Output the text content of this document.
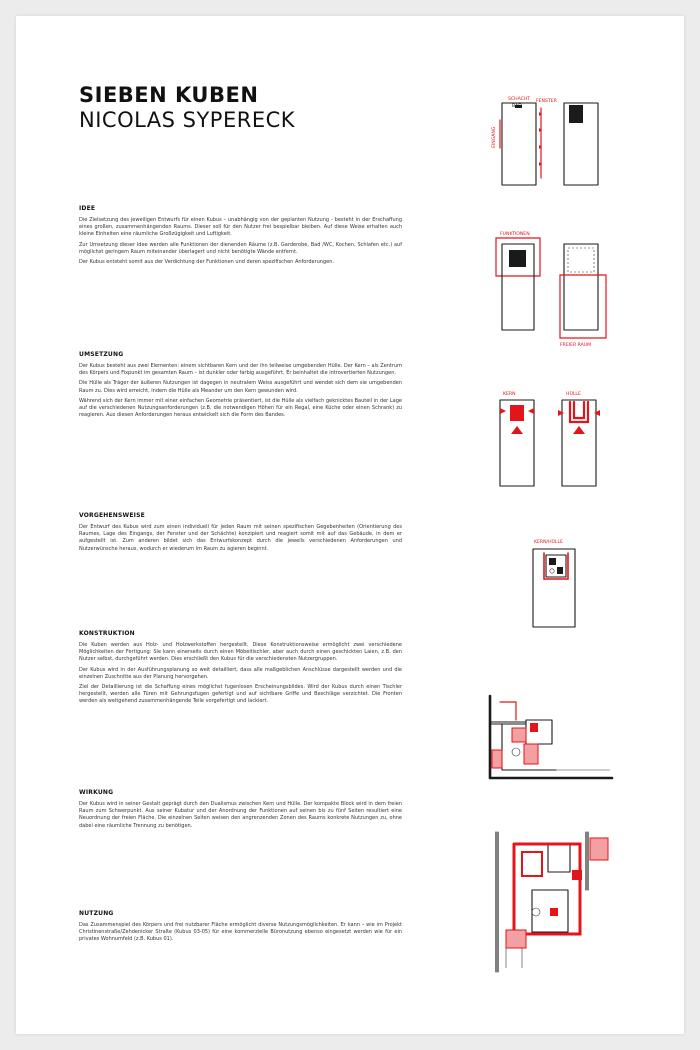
SIEBEN KUBEN
NICOLAS SYPERECK
IDEE

Die Zielsetzung des jeweiligen Entwurfs für einen Kubus – unabhängig von der geplanten Nutzung - besteht in der Erschaffung eines großen, zusammenhängenden Raums. Dieser soll für den Nutzer frei bespielbar bleiben. Auf diese Weise erhalten auch kleine Einheiten eine räumliche Großzügigkeit und Luftigkeit.

Zur Umsetzung dieser Idee werden alle Funktionen der dienenden Räume (z.B. Garderobe, Bad /WC, Kochen, Schlafen etc.) auf möglichst geringem Raum miteinander überlagert und nicht benötigte Wände entfernt.

Der Kubus entsteht somit aus der Verdichtung der Funktionen und deren spezifischen Anforderungen.

UMSETZUNG

Der Kubus besteht aus zwei Elementen: einem sichtbaren Kern und der ihn teilweise umgebenden Hülle. Der Kern – als Zentrum des Körpers und Fixpunkt im gesamten Raum – ist dunkler oder farbig ausgeführt. Er beinhaltet die introvertierten Nutzungen.

Die Hülle als Träger der äußeren Nutzungen ist dagegen in neutralem Weiss ausgeführt und wendet sich dem sie umgebenden Raum zu. Dies wird erreicht, indem die Hülle als Meander um den Kern gewunden wird.

Während sich der Kern immer mit einer einfachen Geometrie präsentiert, ist die Hülle als vielfach geknicktes Bauteil in der Lage auf die verschiedenen Nutzungsanforderungen (z.B. die notwendigen Höhen für ein Regal, eine Küche oder einen Schrank) zu reagieren. Aus diesen Anforderungen heraus entwickelt sich die Form des Bandes.

VORGEHENSWEISE

Der Entwurf des Kubus wird zum einen individuell für jeden Raum mit seinen spezifischen Gegebenheiten (Orientierung des Raumes, Lage des Eingangs, der Fenster und der Schächte) konzipiert und reagiert somit mit auf das Gebäude, in dem er aufgestellt ist. Zum anderen bildet sich das Entwurfskonzept durch die jeweils verschiedenen Anforderungen und Nutzerwünsche heraus, wodurch er wiederum im Raum zu agieren beginnt.

KONSTRUKTION

Die Kuben werden aus Holz- und Holzwerkstoffen hergestellt. Diese Konstruktionsweise ermöglicht zwei verschiedene Möglichkeiten der Fertigung: Sie kann einerseits durch einen Möbeltischler, aber auch durch einen geschickten Laien, z.B. den Nutzer selbst, durchgeführt werden. Dies erschließt den Kubus für die verschiedensten Nutzergruppen.

Der Kubus wird in der Ausführungsplanung so weit detailliert, dass alle maßgeblichen Anschlüsse dargestellt werden und die einzelnen Zuschnitte aus der Planung hervorgehen.

Ziel der Detaillierung ist die Schaffung eines möglichst fugenlosen Erscheinungsbildes. Wird der Kubus durch einen Tischler hergestellt, werden alle Türen mit Gehrungsfugen gefertigt und auf sichtbare Griffe und Beschläge verzichtet. Die Fronten werden als weitgehend zusammenhängende Teile vorgefertigt und lackiert.

WIRKUNG

Der Kubus wird in seiner Gestalt geprägt durch den Dualismus zwischen Kern und Hülle. Der kompakte Block wird in dem freien Raum zum Schwerpunkt. Aus seiner Kubatur und der Anordnung der Funktionen auf seinen bis zu fünf Seiten resultiert eine Neuordnung der freien Fläche. Die einzelnen Seiten weisen den angrenzenden Zonen des Raums konkrete Nutzungen zu, ohne dabei eine räumliche Trennung zu benötigen.

NUTZUNG

Das Zusammenspiel des Körpers und frei nutzbarer Fläche ermöglicht diverse Nutzungsmöglichkeiten. Er kann – wie im Projekt Christinenstraße/Zehdenicker Straße (Kubus 03-05) für eine kommerzielle Büronutzung ebenso eingesetzt werden wie für ein privates Wohnumfeld (z.B. Kubus 01).

SCHACHT
BAD
FENSTER
EINGANG
FUNKTIONEN
FREIER RAUM
KERN	HÜLLE
KERN/HÜLLE
